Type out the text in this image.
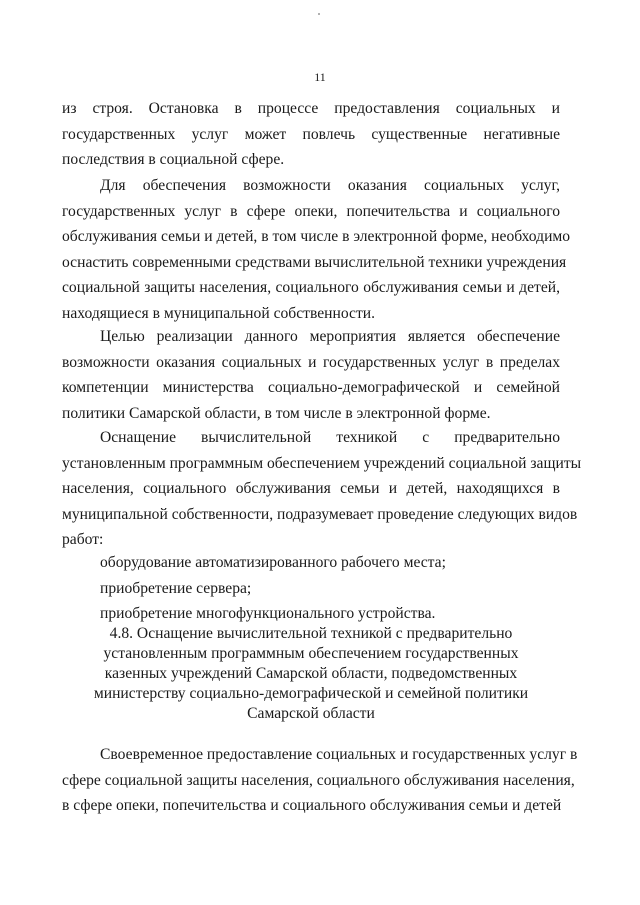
11
из строя. Остановка в процессе предоставления социальных и
государственных услуг может повлечь существенные негативные
последствия в социальной сфере.
Для обеспечения возможности оказания социальных услуг,
государственных услуг в сфере опеки, попечительства и социального
обслуживания семьи и детей, в том числе в электронной форме, необходимо
оснастить современными средствами вычислительной техники учреждения
социальной защиты населения, социального обслуживания семьи и детей,
находящиеся в муниципальной собственности.
Целью реализации данного мероприятия является обеспечение
возможности оказания социальных и государственных услуг в пределах
компетенции министерства социально-демографической и семейной
политики Самарской области, в том числе в электронной форме.
Оснащение вычислительной техникой с предварительно
установленным программным обеспечением учреждений социальной защиты
населения, социального обслуживания семьи и детей, находящихся в
муниципальной собственности, подразумевает проведение следующих видов
работ:
оборудование автоматизированного рабочего места;
приобретение сервера;
приобретение многофункционального устройства.
4.8. Оснащение вычислительной техникой с предварительно
установленным программным обеспечением государственных
казенных учреждений Самарской области, подведомственных
министерству социально-демографической и семейной политики
Самарской области
Своевременное предоставление социальных и государственных услуг в
сфере социальной защиты населения, социального обслуживания населения,
в сфере опеки, попечительства и социального обслуживания семьи и детей
